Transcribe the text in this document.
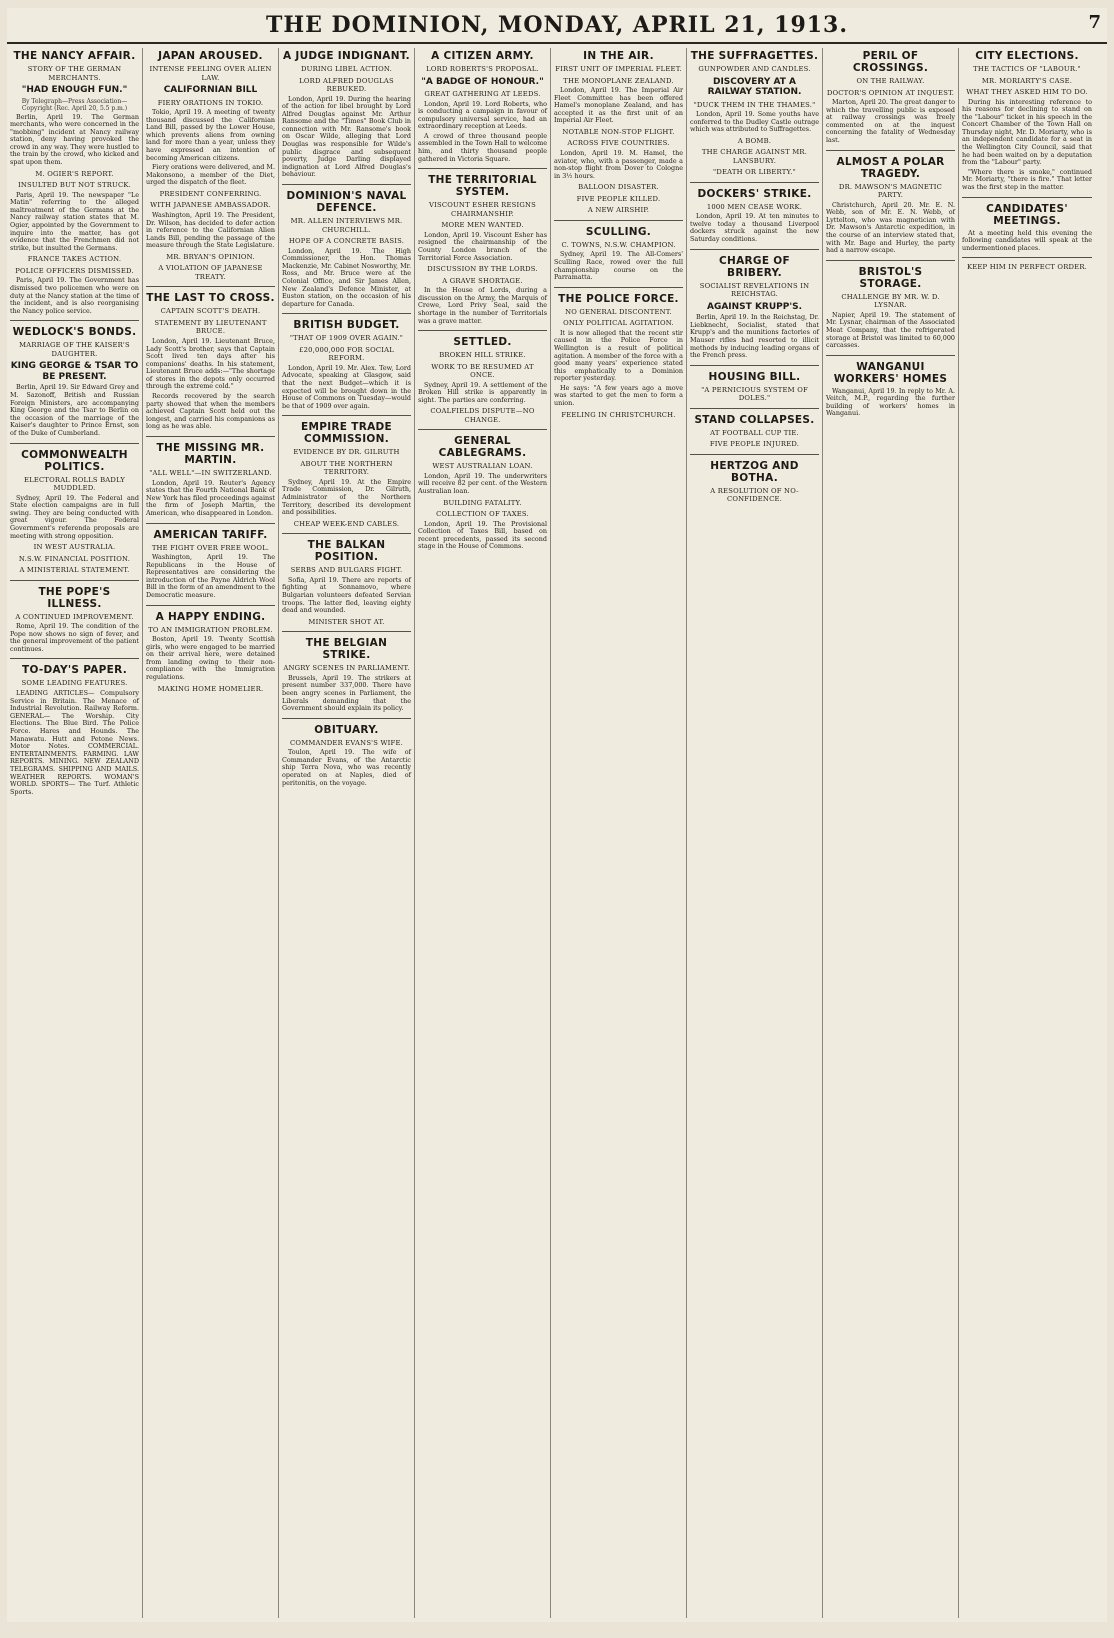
THE DOMINION, MONDAY, APRIL 21, 1913.	7
THE NANCY AFFAIR.
STORY OF THE GERMAN MERCHANTS.
"HAD ENOUGH FUN."
By Telegraph—Press Association—Copyright (Rec. April 20, 5.5 p.m.)

Berlin, April 19. The German merchants, who were concerned in the "mobbing" incident at Nancy railway station, deny having provoked the crowd in any way. They were hustled to the train by the crowd, who kicked and spat upon them.

M. OGIER'S REPORT.
INSULTED BUT NOT STRUCK.

Paris, April 19. The newspaper "Le Matin" referring to the alleged maltreatment of the Germans at the Nancy railway station states that M. Ogier, appointed by the Government to inquire into the matter, has got evidence that the Frenchmen did not strike, but insulted the Germans.

FRANCE TAKES ACTION.
POLICE OFFICERS DISMISSED.

Paris, April 19. The Government has dismissed two policemen who were on duty at the Nancy station at the time of the incident, and is also reorganising the Nancy police service.

WEDLOCK'S BONDS.
MARRIAGE OF THE KAISER'S DAUGHTER.
KING GEORGE & TSAR TO BE PRESENT.

Berlin, April 19. Sir Edward Grey and M. Sazonoff, British and Russian Foreign Ministers, are accompanying King George and the Tsar to Berlin on the occasion of the marriage of the Kaiser's daughter to Prince Ernst, son of the Duke of Cumberland.

COMMONWEALTH POLITICS.
ELECTORAL ROLLS BADLY MUDDLED.

Sydney, April 19. The Federal and State election campaigns are in full swing. They are being conducted with great vigour. The Federal Government's referenda proposals are meeting with strong opposition.

IN WEST AUSTRALIA.
N.S.W. FINANCIAL POSITION.
A MINISTERIAL STATEMENT.
THE POPE'S ILLNESS.
A CONTINUED IMPROVEMENT.

Rome, April 19. The condition of the Pope now shows no sign of fever, and the general improvement of the patient continues.

TO-DAY'S PAPER.
SOME LEADING FEATURES.

LEADING ARTICLES— Compulsory Service in Britain. The Menace of Industrial Revolution. Railway Reform. GENERAL— The Worship. City Elections. The Blue Bird. The Police Force. Hares and Hounds. The Manawatu. Hutt and Petone News. Motor Notes. COMMERCIAL. ENTERTAINMENTS. FARMING. LAW REPORTS. MINING. NEW ZEALAND TELEGRAMS. SHIPPING AND MAILS. WEATHER REPORTS. WOMAN'S WORLD. SPORTS— The Turf. Athletic Sports.

JAPAN AROUSED.
INTENSE FEELING OVER ALIEN LAW.
CALIFORNIAN BILL
FIERY ORATIONS IN TOKIO.

Tokio, April 19. A meeting of twenty thousand discussed the Californian Land Bill, passed by the Lower House, which prevents aliens from owning land for more than a year, unless they have expressed an intention of becoming American citizens.

Fiery orations were delivered, and M. Makonsono, a member of the Diet, urged the dispatch of the fleet.

PRESIDENT CONFERRING.
WITH JAPANESE AMBASSADOR.

Washington, April 19. The President, Dr. Wilson, has decided to defer action in reference to the Californian Alien Lands Bill, pending the passage of the measure through the State Legislature.

MR. BRYAN'S OPINION.
A VIOLATION OF JAPANESE TREATY.
THE LAST TO CROSS.
CAPTAIN SCOTT'S DEATH.
STATEMENT BY LIEUTENANT BRUCE.

London, April 19. Lieutenant Bruce, Lady Scott's brother, says that Captain Scott lived ten days after his companions' deaths. In his statement, Lieutenant Bruce adds:—"The shortage of stores in the depots only occurred through the extreme cold."

Records recovered by the search party showed that when the members achieved Captain Scott held out the longest, and carried his companions as long as he was able.

THE MISSING MR. MARTIN.
"ALL WELL"—IN SWITZERLAND.

London, April 19. Reuter's Agency states that the Fourth National Bank of New York has filed proceedings against the firm of Joseph Martin, the American, who disappeared in London.

AMERICAN TARIFF.
THE FIGHT OVER FREE WOOL.

Washington, April 19. The Republicans in the House of Representatives are considering the introduction of the Payne Aldrich Wool Bill in the form of an amendment to the Democratic measure.

A HAPPY ENDING.
TO AN IMMIGRATION PROBLEM.

Boston, April 19. Twenty Scottish girls, who were engaged to be married on their arrival here, were detained from landing owing to their non-compliance with the Immigration regulations.

MAKING HOME HOMELIER.
A JUDGE INDIGNANT.
DURING LIBEL ACTION.
LORD ALFRED DOUGLAS REBUKED.

London, April 19. During the hearing of the action for libel brought by Lord Alfred Douglas against Mr. Arthur Ransome and the "Times" Book Club in connection with Mr. Ransome's book on Oscar Wilde, alleging that Lord Douglas was responsible for Wilde's public disgrace and subsequent poverty, Judge Darling displayed indignation at Lord Alfred Douglas's behaviour.

DOMINION'S NAVAL DEFENCE.
MR. ALLEN INTERVIEWS MR. CHURCHILL.
HOPE OF A CONCRETE BASIS.

London, April 19. The High Commissioner, the Hon. Thomas Mackenzie, Mr. Cabinet Nosworthy, Mr. Ross, and Mr. Bruce were at the Colonial Office, and Sir James Allen, New Zealand's Defence Minister, at Euston station, on the occasion of his departure for Canada.

BRITISH BUDGET.
"THAT OF 1909 OVER AGAIN."
£20,000,000 FOR SOCIAL REFORM.

London, April 19. Mr. Alex. Tew, Lord Advocate, speaking at Glasgow, said that the next Budget—which it is expected will be brought down in the House of Commons on Tuesday—would be that of 1909 over again.

EMPIRE TRADE COMMISSION.
EVIDENCE BY DR. GILRUTH
ABOUT THE NORTHERN TERRITORY.

Sydney, April 19. At the Empire Trade Commission, Dr. Gilruth, Administrator of the Northern Territory, described its development and possibilities.

CHEAP WEEK-END CABLES.
THE BALKAN POSITION.
SERBS AND BULGARS FIGHT.

Sofia, April 19. There are reports of fighting at Sonnamovo, where Bulgarian volunteers defeated Servian troops. The latter fled, leaving eighty dead and wounded.

MINISTER SHOT AT.
THE BELGIAN STRIKE.
ANGRY SCENES IN PARLIAMENT.

Brussels, April 19. The strikers at present number 337,000. There have been angry scenes in Parliament, the Liberals demanding that the Government should explain its policy.

OBITUARY.
COMMANDER EVANS'S WIFE.

Toulon, April 19. The wife of Commander Evans, of the Antarctic ship Terra Nova, who was recently operated on at Naples, died of peritonitis, on the voyage.

A CITIZEN ARMY.
LORD ROBERTS'S PROPOSAL.
"A BADGE OF HONOUR."
GREAT GATHERING AT LEEDS.

London, April 19. Lord Roberts, who is conducting a campaign in favour of compulsory universal service, had an extraordinary reception at Leeds.

A crowd of three thousand people assembled in the Town Hall to welcome him, and thirty thousand people gathered in Victoria Square.

THE TERRITORIAL SYSTEM.
VISCOUNT ESHER RESIGNS CHAIRMANSHIP.
MORE MEN WANTED.

London, April 19. Viscount Esher has resigned the chairmanship of the County London branch of the Territorial Force Association.

DISCUSSION BY THE LORDS.
A GRAVE SHORTAGE.

In the House of Lords, during a discussion on the Army, the Marquis of Crewe, Lord Privy Seal, said the shortage in the number of Territorials was a grave matter.

SETTLED.
BROKEN HILL STRIKE.
WORK TO BE RESUMED AT ONCE.

Sydney, April 19. A settlement of the Broken Hill strike is apparently in sight. The parties are conferring.

COALFIELDS DISPUTE—NO CHANGE.
GENERAL CABLEGRAMS.
WEST AUSTRALIAN LOAN.

London, April 19. The underwriters will receive 82 per cent. of the Western Australian loan.

BUILDING FATALITY.
COLLECTION OF TAXES.

London, April 19. The Provisional Collection of Taxes Bill, based on recent precedents, passed its second stage in the House of Commons.

IN THE AIR.
FIRST UNIT OF IMPERIAL FLEET.
THE MONOPLANE ZEALAND.

London, April 19. The Imperial Air Fleet Committee has been offered Hamel's monoplane Zealand, and has accepted it as the first unit of an Imperial Air Fleet.

NOTABLE NON-STOP FLIGHT.
ACROSS FIVE COUNTRIES.

London, April 19. M. Hamel, the aviator, who, with a passenger, made a non-stop flight from Dover to Cologne in 3½ hours.

BALLOON DISASTER.
FIVE PEOPLE KILLED.
A NEW AIRSHIP.
SCULLING.
C. TOWNS, N.S.W. CHAMPION.

Sydney, April 19. The All-Comers' Sculling Race, rowed over the full championship course on the Parramatta.

THE POLICE FORCE.
NO GENERAL DISCONTENT.
ONLY POLITICAL AGITATION.

It is now alleged that the recent stir caused in the Police Force in Wellington is a result of political agitation. A member of the force with a good many years' experience stated this emphatically to a Dominion reporter yesterday.

He says: "A few years ago a move was started to get the men to form a union.

FEELING IN CHRISTCHURCH.
THE SUFFRAGETTES.
GUNPOWDER AND CANDLES.
DISCOVERY AT A RAILWAY STATION.
"DUCK THEM IN THE THAMES."

London, April 19. Some youths have conferred to the Dudley Castle outrage which was attributed to Suffragettes.

A BOMB.
THE CHARGE AGAINST MR. LANSBURY.
"DEATH OR LIBERTY."
DOCKERS' STRIKE.
1000 MEN CEASE WORK.

London, April 19. At ten minutes to twelve today a thousand Liverpool dockers struck against the new Saturday conditions.

CHARGE OF BRIBERY.
SOCIALIST REVELATIONS IN REICHSTAG.
AGAINST KRUPP'S.

Berlin, April 19. In the Reichstag, Dr. Liebknecht, Socialist, stated that Krupp's and the munitions factories of Mauser rifles had resorted to illicit methods by inducing leading organs of the French press.

HOUSING BILL.
"A PERNICIOUS SYSTEM OF DOLES."
STAND COLLAPSES.
AT FOOTBALL CUP TIE.
FIVE PEOPLE INJURED.
HERTZOG AND BOTHA.
A RESOLUTION OF NO-CONFIDENCE.
PERIL OF CROSSINGS.
ON THE RAILWAY.
DOCTOR'S OPINION AT INQUEST.

Marton, April 20. The great danger to which the travelling public is exposed at railway crossings was freely commented on at the inquest concerning the fatality of Wednesday last.

ALMOST A POLAR TRAGEDY.
DR. MAWSON'S MAGNETIC PARTY.

Christchurch, April 20. Mr. E. N. Webb, son of Mr. E. N. Webb, of Lyttelton, who was magnetician with Dr. Mawson's Antarctic expedition, in the course of an interview stated that, with Mr. Bage and Hurley, the party had a narrow escape.

BRISTOL'S STORAGE.
CHALLENGE BY MR. W. D. LYSNAR.

Napier, April 19. The statement of Mr. Lysnar, chairman of the Associated Meat Company, that the refrigerated storage at Bristol was limited to 60,000 carcasses.

WANGANUI WORKERS' HOMES

Wanganui, April 19. In reply to Mr. A. Veitch, M.P., regarding the further building of workers' homes in Wanganui.

CITY ELECTIONS.
THE TACTICS OF "LABOUR."
MR. MORIARTY'S CASE.
WHAT THEY ASKED HIM TO DO.

During his interesting reference to his reasons for declining to stand on the "Labour" ticket in his speech in the Concert Chamber of the Town Hall on Thursday night, Mr. D. Moriarty, who is an independent candidate for a seat in the Wellington City Council, said that he had been waited on by a deputation from the "Labour" party.

"Where there is smoke," continued Mr. Moriarty, "there is fire." That letter was the first step in the matter.

CANDIDATES' MEETINGS.

At a meeting held this evening the following candidates will speak at the undermentioned places.

KEEP HIM IN PERFECT ORDER.
